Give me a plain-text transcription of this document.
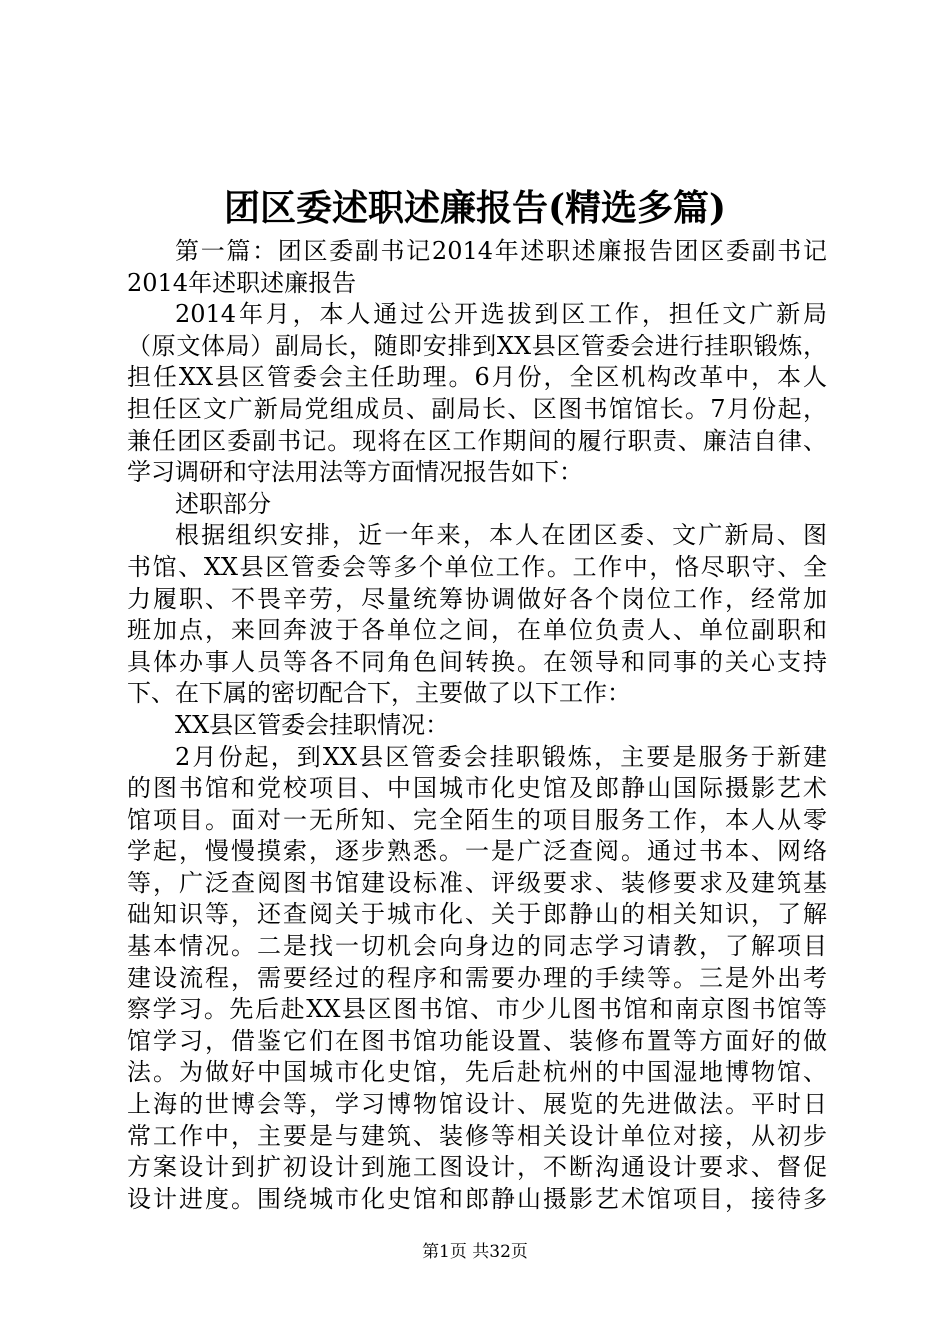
团区委述职述廉报告(精选多篇)
第一篇：团区委副书记2014年述职述廉报告团区委副书记
2014年述职述廉报告
2014年月，本人通过公开选拔到区工作，担任文广新局
（原文体局）副局长，随即安排到XX县区管委会进行挂职锻炼，
担任XX县区管委会主任助理。6月份，全区机构改革中，本人
担任区文广新局党组成员、副局长、区图书馆馆长。7月份起，
兼任团区委副书记。现将在区工作期间的履行职责、廉洁自律、
学习调研和守法用法等方面情况报告如下：
述职部分
根据组织安排，近一年来，本人在团区委、文广新局、图
书馆、XX县区管委会等多个单位工作。工作中，恪尽职守、全
力履职、不畏辛劳，尽量统筹协调做好各个岗位工作，经常加
班加点，来回奔波于各单位之间，在单位负责人、单位副职和
具体办事人员等各不同角色间转换。在领导和同事的关心支持
下、在下属的密切配合下，主要做了以下工作：
XX县区管委会挂职情况：
2月份起，到XX县区管委会挂职锻炼，主要是服务于新建
的图书馆和党校项目、中国城市化史馆及郎静山国际摄影艺术
馆项目。面对一无所知、完全陌生的项目服务工作，本人从零
学起，慢慢摸索，逐步熟悉。一是广泛查阅。通过书本、网络
等，广泛查阅图书馆建设标准、评级要求、装修要求及建筑基
础知识等，还查阅关于城市化、关于郎静山的相关知识，了解
基本情况。二是找一切机会向身边的同志学习请教，了解项目
建设流程，需要经过的程序和需要办理的手续等。三是外出考
察学习。先后赴XX县区图书馆、市少儿图书馆和南京图书馆等
馆学习，借鉴它们在图书馆功能设置、装修布置等方面好的做
法。为做好中国城市化史馆，先后赴杭州的中国湿地博物馆、
上海的世博会等，学习博物馆设计、展览的先进做法。平时日
常工作中，主要是与建筑、装修等相关设计单位对接，从初步
方案设计到扩初设计到施工图设计，不断沟通设计要求、督促
设计进度。围绕城市化史馆和郎静山摄影艺术馆项目，接待多
第1页 共32页
